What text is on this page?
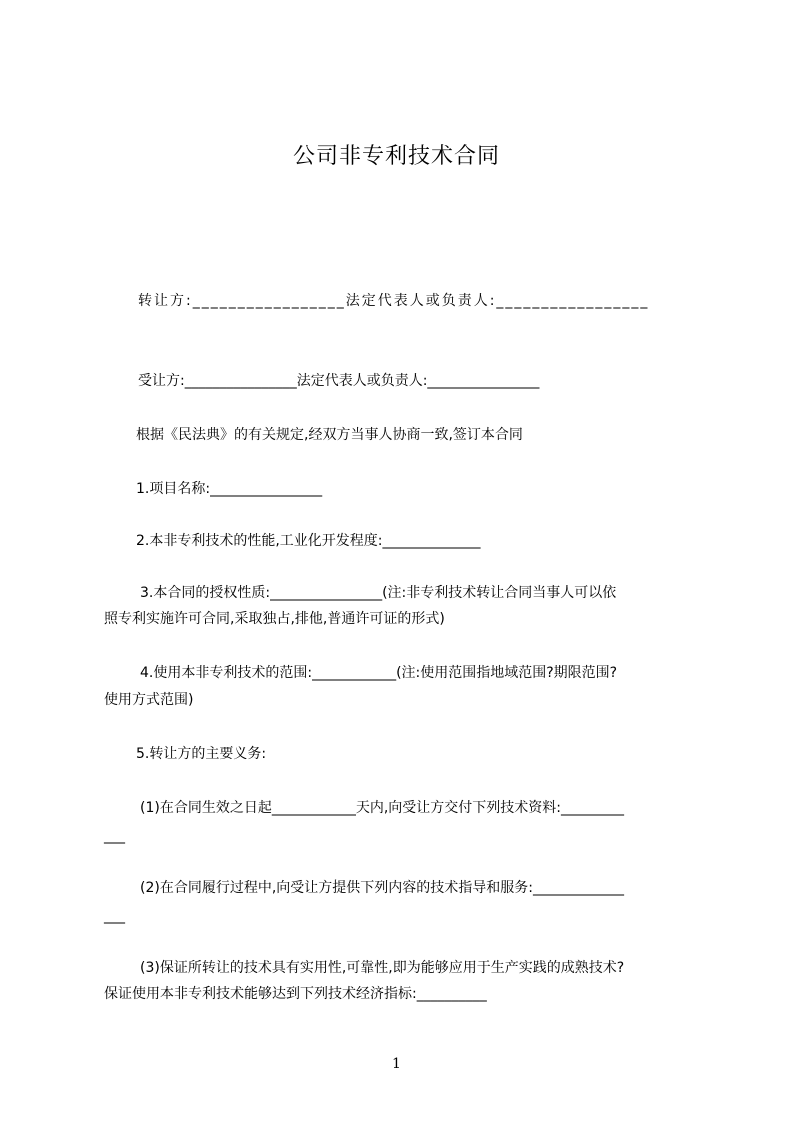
公司非专利技术合同
转让方:_________________法定代表人或负责人:_________________
受让方:________________法定代表人或负责人:________________
根据《民法典》的有关规定,经双方当事人协商一致,签订本合同
1.项目名称:________________
2.本非专利技术的性能,工业化开发程度:______________
3.本合同的授权性质:________________(注:非专利技术转让合同当事人可以依
照专利实施许可合同,采取独占,排他,普通许可证的形式)
4.使用本非专利技术的范围:____________(注:使用范围指地域范围?期限范围?
使用方式范围)
5.转让方的主要义务:
(1)在合同生效之日起____________天内,向受让方交付下列技术资料:_________
___
(2)在合同履行过程中,向受让方提供下列内容的技术指导和服务:_____________
___
(3)保证所转让的技术具有实用性,可靠性,即为能够应用于生产实践的成熟技术?
保证使用本非专利技术能够达到下列技术经济指标:__________
1
